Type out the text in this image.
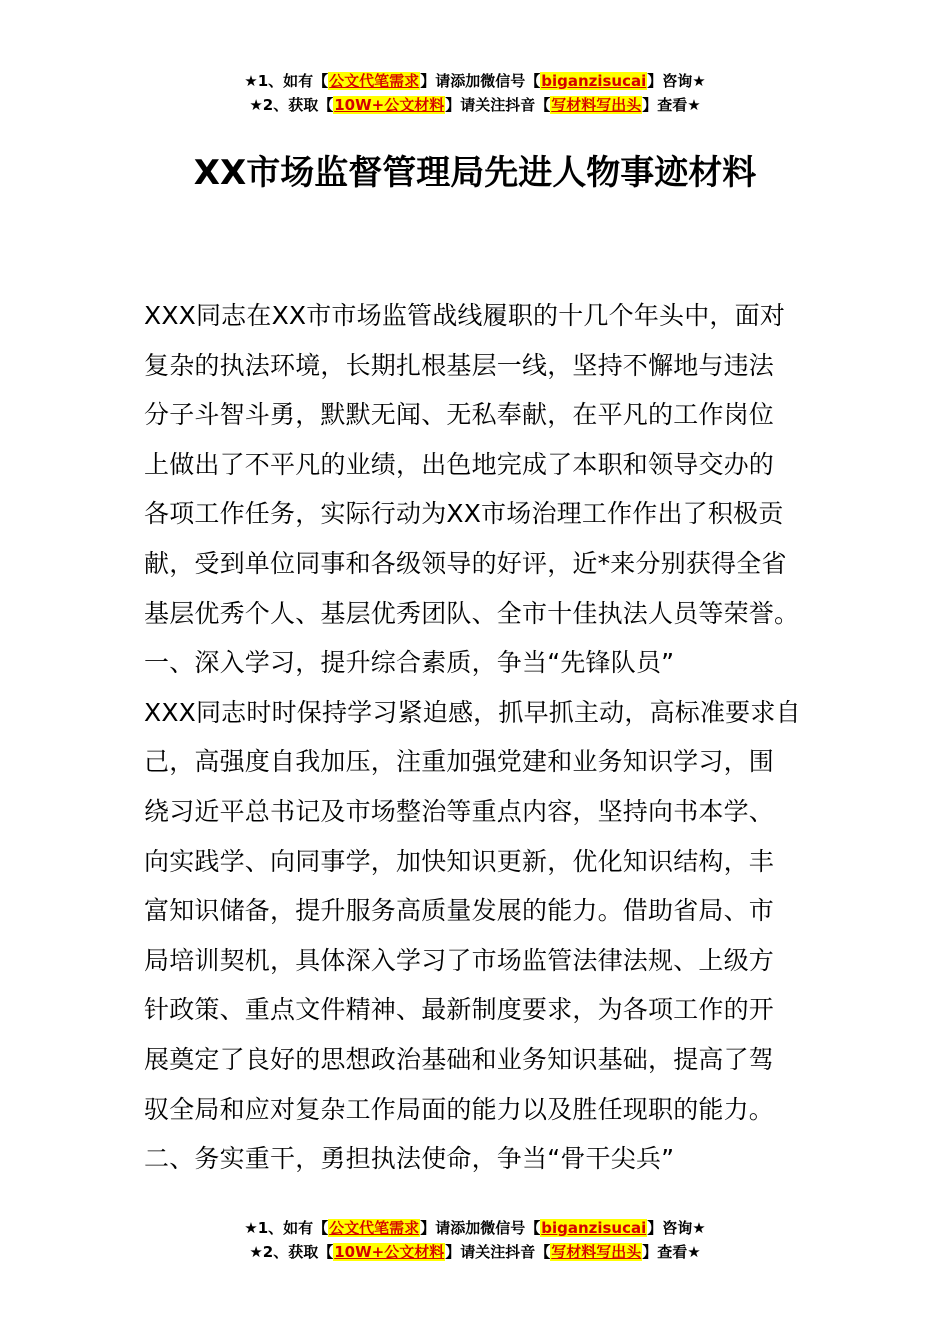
★1、如有【公文代笔需求】请添加微信号【biganzisucai】咨询★
★2、获取【10W+公文材料】请关注抖音【写材料写出头】查看★
XX市场监督管理局先进人物事迹材料
XXX同志在XX市市场监管战线履职的十几个年头中，面对
复杂的执法环境，长期扎根基层一线，坚持不懈地与违法
分子斗智斗勇，默默无闻、无私奉献，在平凡的工作岗位
上做出了不平凡的业绩，出色地完成了本职和领导交办的
各项工作任务，实际行动为XX市场治理工作作出了积极贡
献，受到单位同事和各级领导的好评，近*来分别获得全省
基层优秀个人、基层优秀团队、全市十佳执法人员等荣誉。
一、深入学习，提升综合素质，争当“先锋队员”
XXX同志时时保持学习紧迫感，抓早抓主动，高标准要求自
己，高强度自我加压，注重加强党建和业务知识学习，围
绕习近平总书记及市场整治等重点内容，坚持向书本学、
向实践学、向同事学，加快知识更新，优化知识结构，丰
富知识储备，提升服务高质量发展的能力。借助省局、市
局培训契机，具体深入学习了市场监管法律法规、上级方
针政策、重点文件精神、最新制度要求，为各项工作的开
展奠定了良好的思想政治基础和业务知识基础，提高了驾
驭全局和应对复杂工作局面的能力以及胜任现职的能力。
二、务实重干，勇担执法使命，争当“骨干尖兵”
★1、如有【公文代笔需求】请添加微信号【biganzisucai】咨询★
★2、获取【10W+公文材料】请关注抖音【写材料写出头】查看★
